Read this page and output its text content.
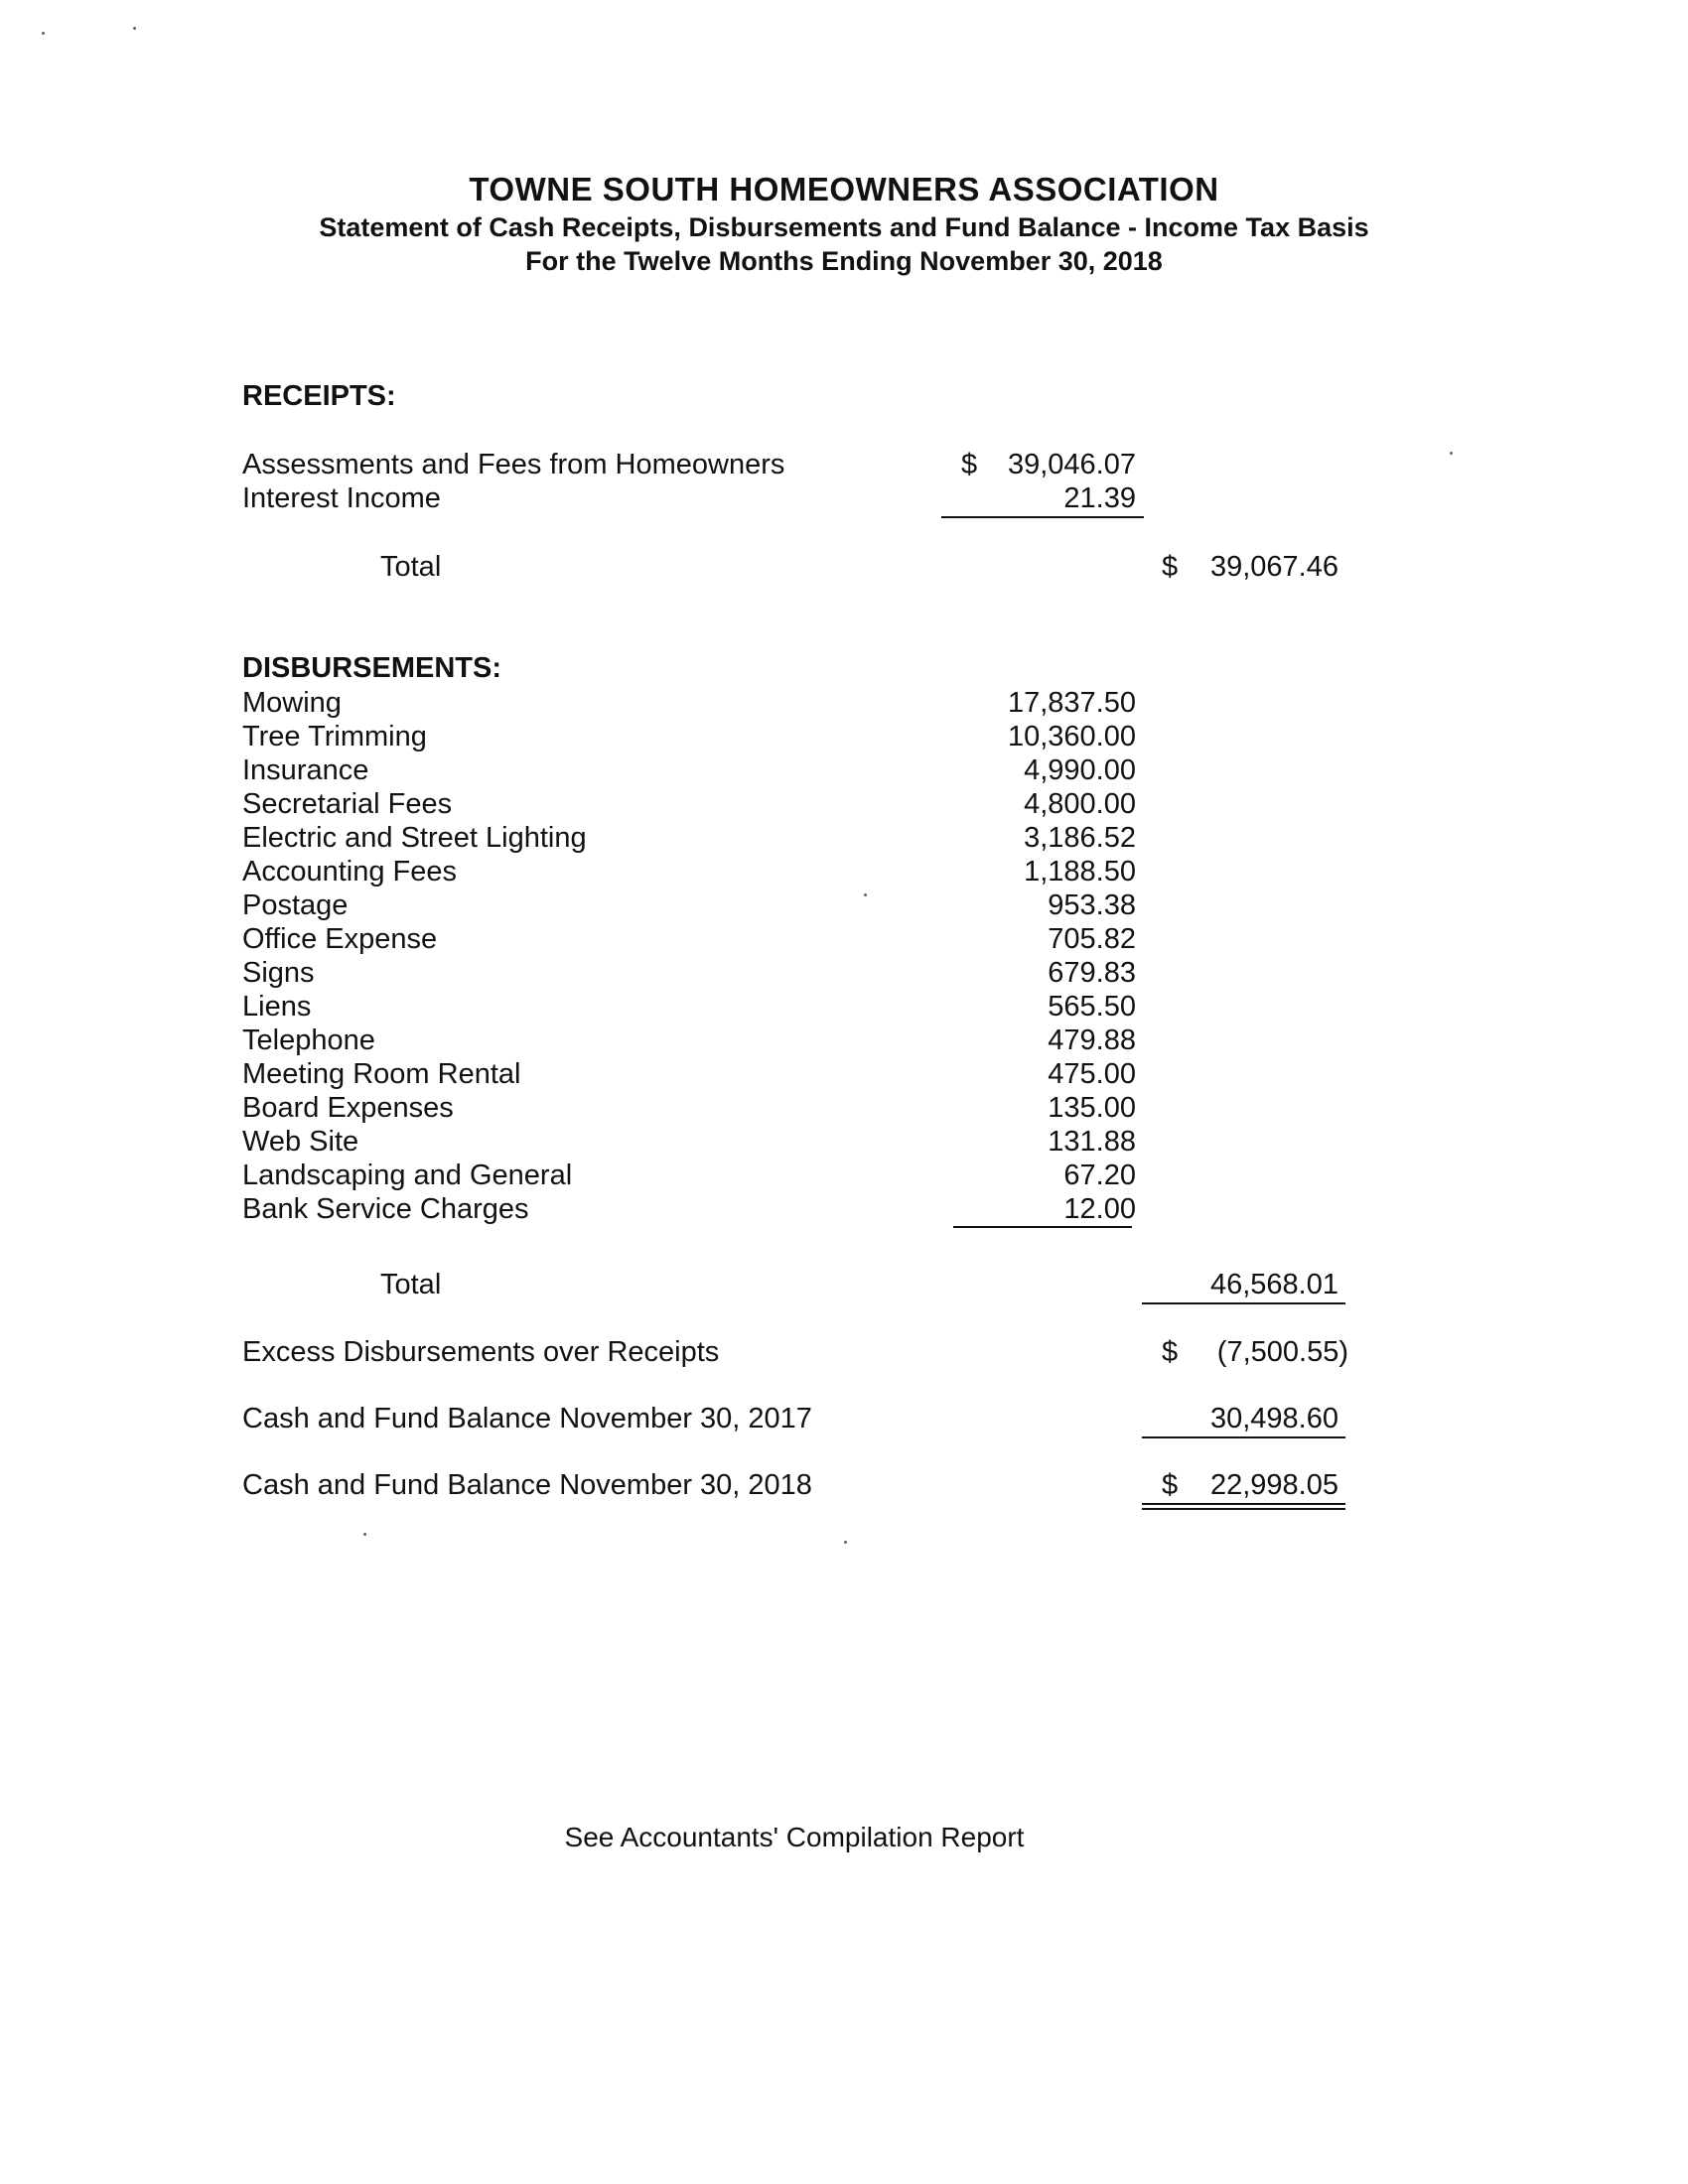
TOWNE SOUTH HOMEOWNERS ASSOCIATION
Statement of Cash Receipts, Disbursements and Fund Balance - Income Tax Basis
For the Twelve Months Ending November 30, 2018
RECEIPTS:
Assessments and Fees from Homeowners	$	39,046.07
Interest Income	21.39
Total	$	39,067.46
DISBURSEMENTS:
Mowing	17,837.50
Tree Trimming	10,360.00
Insurance	4,990.00
Secretarial Fees	4,800.00
Electric and Street Lighting	3,186.52
Accounting Fees	1,188.50
Postage	953.38
Office Expense	705.82
Signs	679.83
Liens	565.50
Telephone	479.88
Meeting Room Rental	475.00
Board Expenses	135.00
Web Site	131.88
Landscaping and General	67.20
Bank Service Charges	12.00
Total	46,568.01
Excess Disbursements over Receipts	$	(7,500.55)
Cash and Fund Balance November 30, 2017	30,498.60
Cash and Fund Balance November 30, 2018	$	22,998.05
See Accountants' Compilation Report
